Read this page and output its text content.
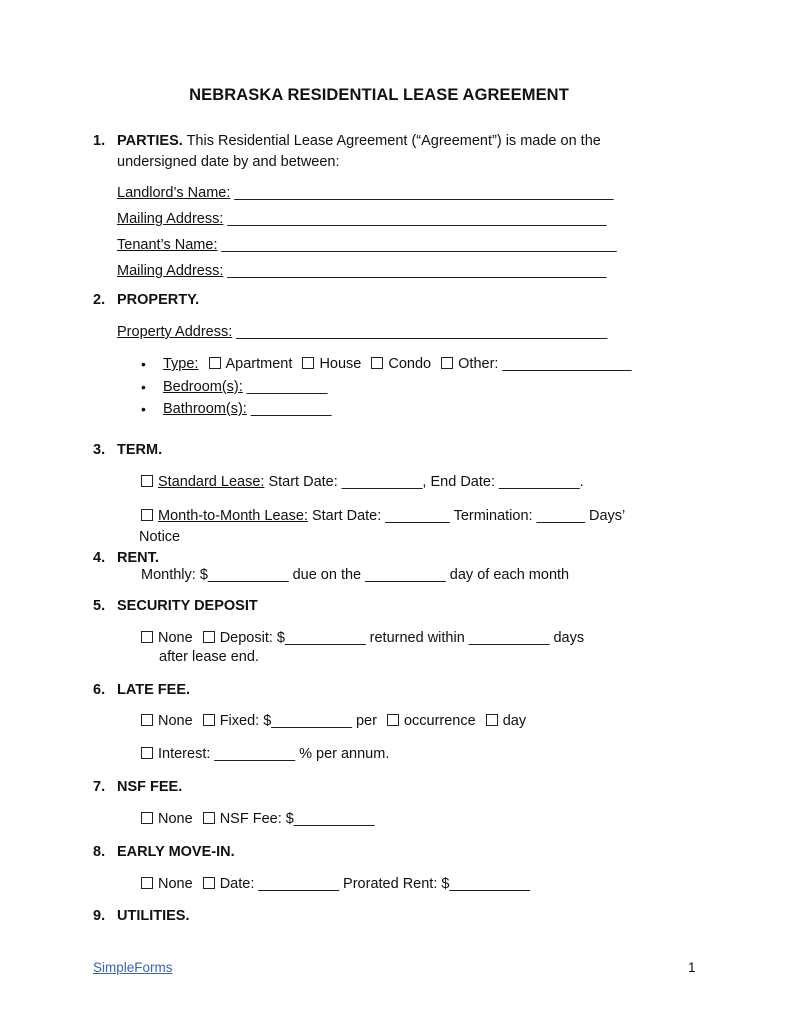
NEBRASKA RESIDENTIAL LEASE AGREEMENT
1. PARTIES. This Residential Lease Agreement (“Agreement”) is made on the
undersigned date by and between:
Landlord’s Name: _______________________________________________
Mailing Address: _______________________________________________
Tenant’s Name: _________________________________________________
Mailing Address: _______________________________________________
2. PROPERTY.
Property Address: ______________________________________________
• Type: Apartment House Condo Other: ________________
• Bedroom(s): __________
• Bathroom(s): __________
3. TERM.
Standard Lease: Start Date: __________, End Date: __________.
Month-to-Month Lease: Start Date: ________ Termination: ______ Days’
Notice
4. RENT.
Monthly: $__________ due on the __________ day of each month
5. SECURITY DEPOSIT
None Deposit: $__________ returned within __________ days
after lease end.
6. LATE FEE.
None Fixed: $__________ per occurrence day
Interest: __________ % per annum.
7. NSF FEE.
None NSF Fee: $__________
8. EARLY MOVE-IN.
None Date: __________ Prorated Rent: $__________
9. UTILITIES.
SimpleForms	1
